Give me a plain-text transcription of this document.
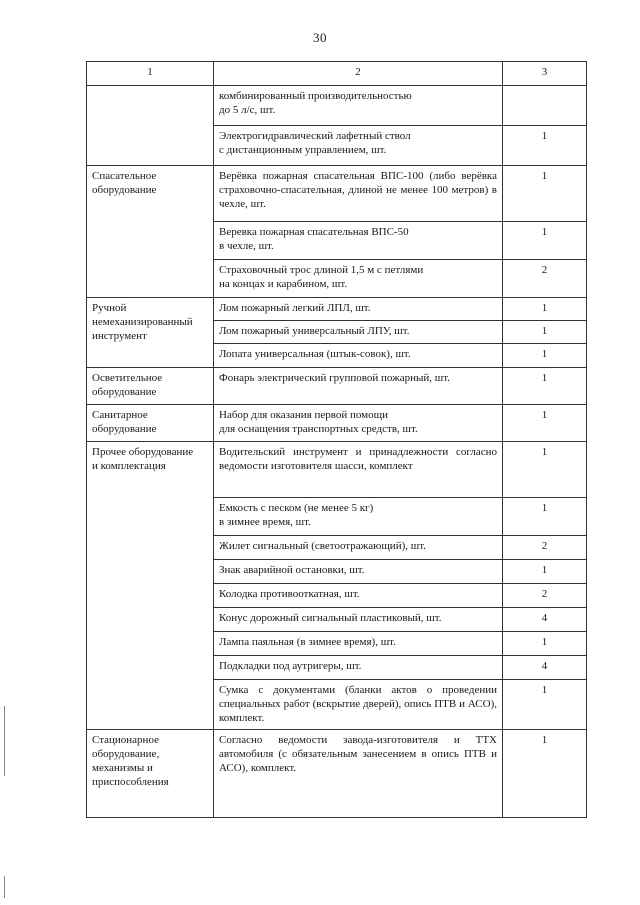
30
1	2	3
	комбинированный производительностью
до 5 л/с, шт.	
	Электрогидравлический лафетный ствол
с дистанционным управлением, шт.	1
Спасательное
оборудование	Верёвка пожарная спасательная ВПС-100 (либо верёвка страховочно-спасательная, длиной не менее 100 метров) в чехле, шт.	1
	Веревка пожарная спасательная ВПС-50
в чехле, шт.	1
	Страховочный трос длиной 1,5 м с петлями
на концах и карабином, шт.	2
Ручной
немеханизированный
инструмент	Лом пожарный легкий ЛПЛ, шт.	1
	Лом пожарный универсальный ЛПУ, шт.	1
	Лопата универсальная (штык-совок), шт.	1
Осветительное
оборудование	Фонарь электрический групповой пожарный, шт.	1
Санитарное
оборудование	Набор для оказания первой помощи
для оснащения транспортных средств, шт.	1
Прочее оборудование
и комплектация	Водительский инструмент и принадлежности согласно ведомости изготовителя шасси, комплект	1
	Емкость с песком (не менее 5 кг)
в зимнее время, шт.	1
	Жилет сигнальный (светоотражающий), шт.	2
	Знак аварийной остановки, шт.	1
	Колодка противооткатная, шт.	2
	Конус дорожный сигнальный пластиковый, шт.	4
	Лампа паяльная (в зимнее время), шт.	1
	Подкладки под аутригеры, шт.	4
	Сумка с документами (бланки актов о проведении специальных работ (вскрытие дверей), опись ПТВ и АСО), комплект.	1
Стационарное
оборудование,
механизмы и
приспособления	Согласно ведомости завода-изготовителя и ТТХ автомобиля (с обязательным занесением в опись ПТВ и АСО), комплект.	1
